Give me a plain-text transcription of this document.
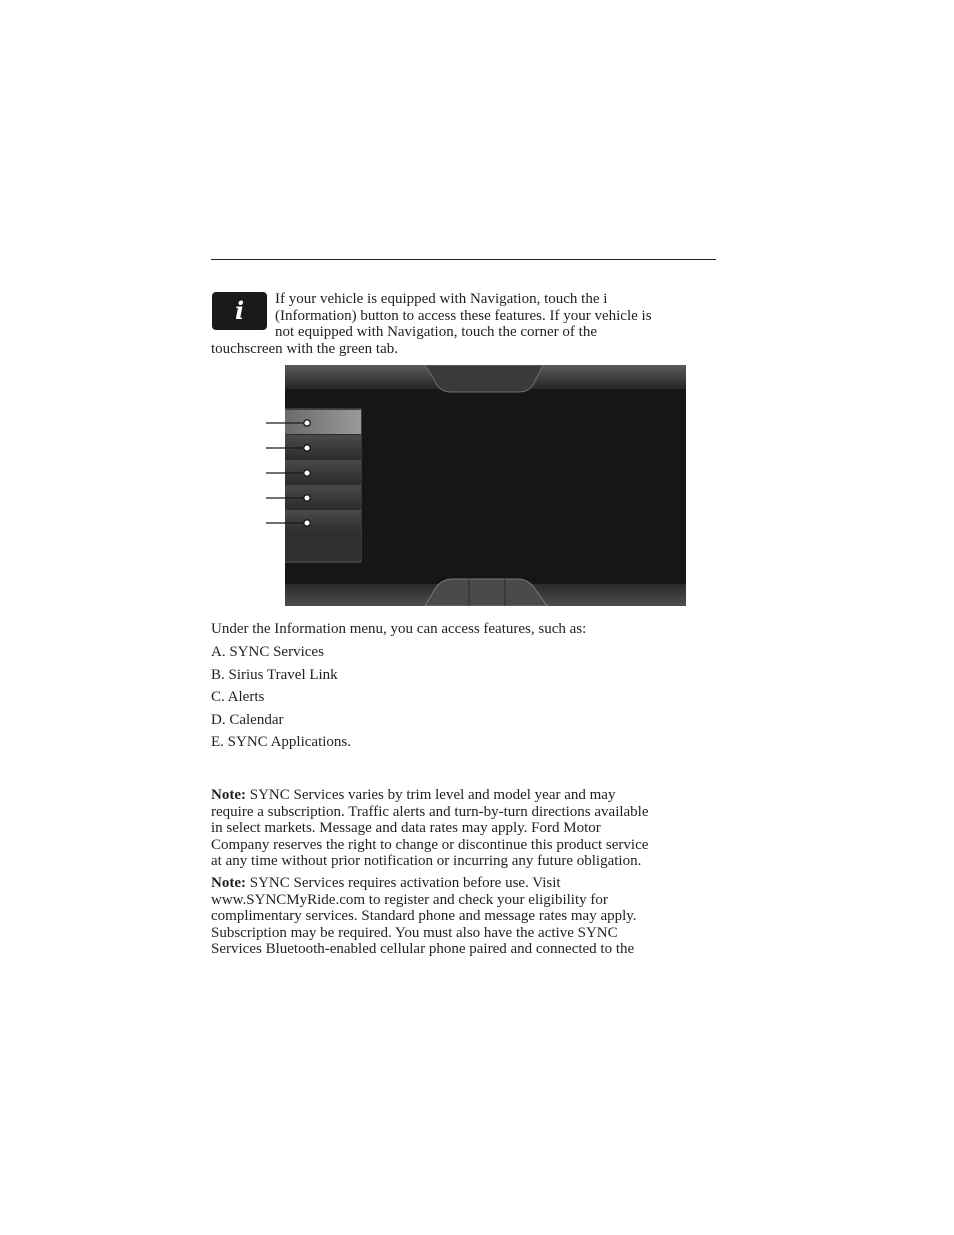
i	If your vehicle is equipped with Navigation, touch the i
(Information) button to access these features. If your vehicle is
not equipped with Navigation, touch the corner of the
touchscreen with the green tab.
Under the Information menu, you can access features, such as:
A. SYNC Services
B. Sirius Travel Link
C. Alerts
D. Calendar
E. SYNC Applications.
Note: SYNC Services varies by trim level and model year and may
require a subscription. Traffic alerts and turn-by-turn directions available
in select markets. Message and data rates may apply. Ford Motor
Company reserves the right to change or discontinue this product service
at any time without prior notification or incurring any future obligation.
Note: SYNC Services requires activation before use. Visit
www.SYNCMyRide.com to register and check your eligibility for
complimentary services. Standard phone and message rates may apply.
Subscription may be required. You must also have the active SYNC
Services Bluetooth-enabled cellular phone paired and connected to the
